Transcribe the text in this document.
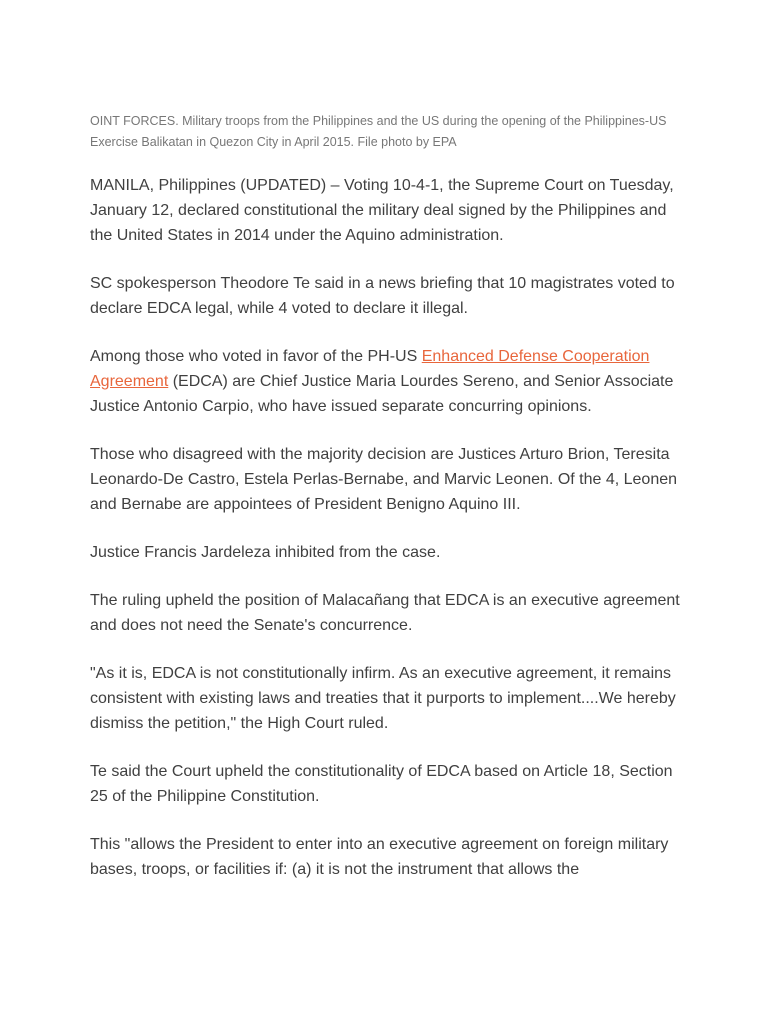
OINT FORCES. Military troops from the Philippines and the US during the opening of the Philippines-US Exercise Balikatan in Quezon City in April 2015. File photo by EPA

MANILA, Philippines (UPDATED) – Voting 10-4-1, the Supreme Court on Tuesday, January 12, declared constitutional the military deal signed by the Philippines and the United States in 2014 under the Aquino administration.

SC spokesperson Theodore Te said in a news briefing that 10 magistrates voted to declare EDCA legal, while 4 voted to declare it illegal.

Among those who voted in favor of the PH-US Enhanced Defense Cooperation Agreement (EDCA) are Chief Justice Maria Lourdes Sereno, and Senior Associate Justice Antonio Carpio, who have issued separate concurring opinions.

Those who disagreed with the majority decision are Justices Arturo Brion, Teresita Leonardo-De Castro, Estela Perlas-Bernabe, and Marvic Leonen. Of the 4, Leonen and Bernabe are appointees of President Benigno Aquino III.

Justice Francis Jardeleza inhibited from the case.

The ruling upheld the position of Malacañang that EDCA is an executive agreement and does not need the Senate's concurrence.

"As it is, EDCA is not constitutionally infirm. As an executive agreement, it remains consistent with existing laws and treaties that it purports to implement....We hereby dismiss the petition," the High Court ruled.

Te said the Court upheld the constitutionality of EDCA based on Article 18, Section 25 of the Philippine Constitution.

This "allows the President to enter into an executive agreement on foreign military bases, troops, or facilities if: (a) it is not the instrument that allows the
